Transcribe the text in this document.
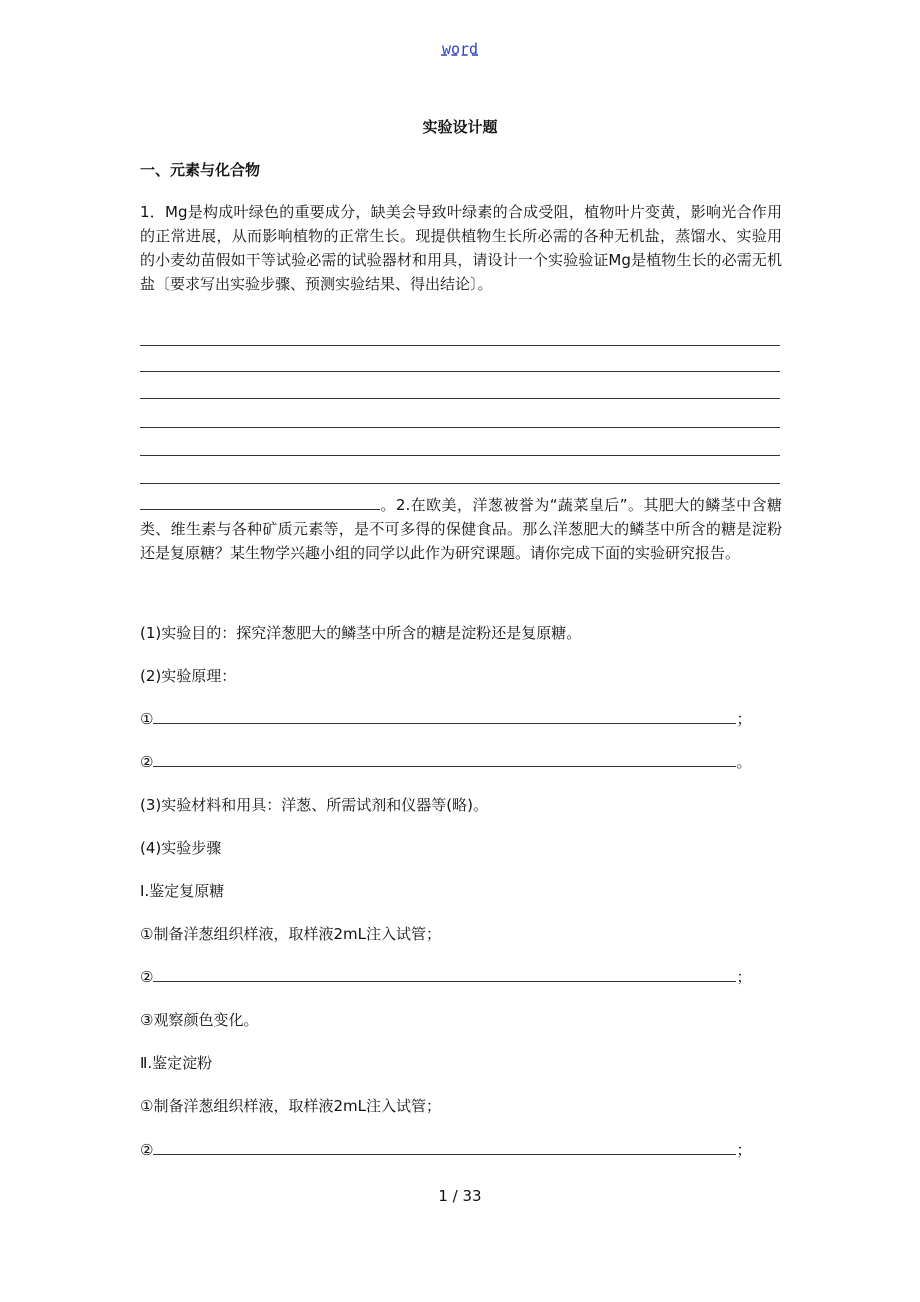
word
实验设计题
一、元素与化合物
1．Mg是构成叶绿色的重要成分，缺美会导致叶绿素的合成受阻，植物叶片变黄，影响光合作用的正常进展，从而影响植物的正常生长。现提供植物生长所必需的各种无机盐，蒸馏水、实验用的小麦幼苗假如干等试验必需的试验器材和用具，请设计一个实验验证Mg是植物生长的必需无机盐〔要求写出实验步骤、预测实验结果、得出结论〕。
。2.在欧美，洋葱被誉为“蔬菜皇后”。其肥大的鳞茎中含糖类、维生素与各种矿质元素等，是不可多得的保健食品。那么洋葱肥大的鳞茎中所含的糖是淀粉还是复原糖？某生物学兴趣小组的同学以此作为研究课题。请你完成下面的实验研究报告。
(1)实验目的：探究洋葱肥大的鳞茎中所含的糖是淀粉还是复原糖。
(2)实验原理：
①	；
②	。
(3)实验材料和用具：洋葱、所需试剂和仪器等(略)。
(4)实验步骤
Ⅰ.鉴定复原糖
①制备洋葱组织样液，取样液2mL注入试管；
②	；
③观察颜色变化。
Ⅱ.鉴定淀粉
①制备洋葱组织样液，取样液2mL注入试管；
②	；
1 / 33
